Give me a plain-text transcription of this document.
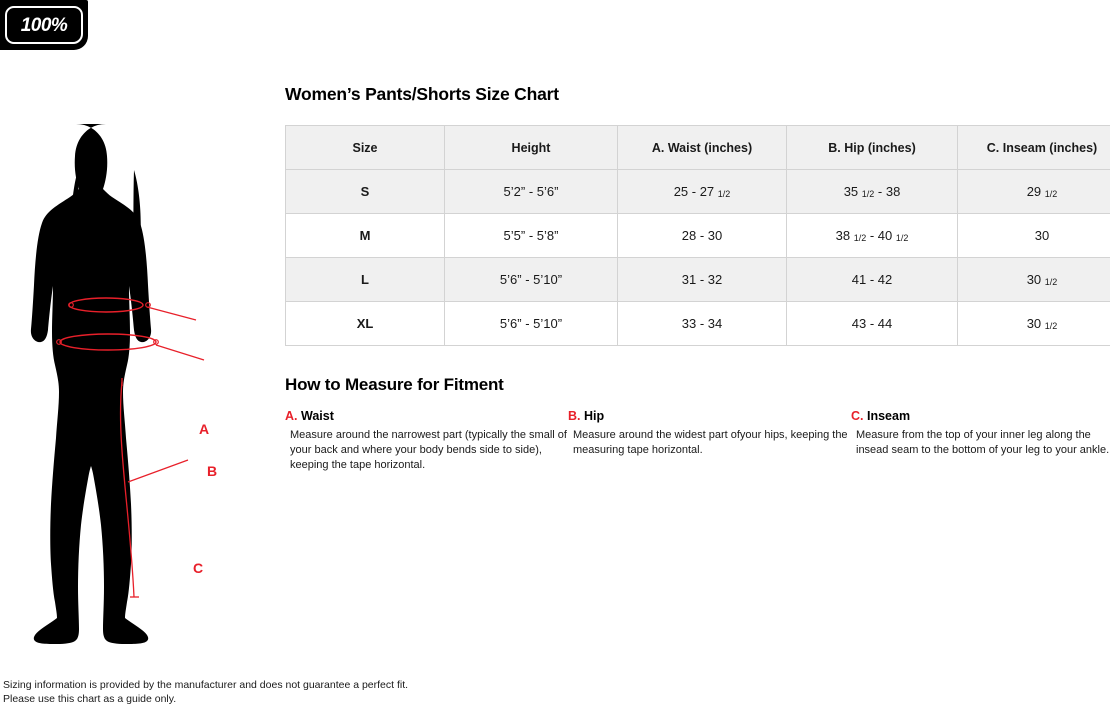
100%
A
B
C
Women’s Pants/Shorts Size Chart
Size	Height	A. Waist (inches)	B. Hip (inches)	C. Inseam (inches)
S	5’2” - 5’6”	25 - 27 1/2	35 1/2 - 38	29 1/2
M	5’5” - 5’8”	28 - 30	38 1/2 - 40 1/2	30
L	5’6” - 5’10”	31 - 32	41 - 42	30 1/2
XL	5’6” - 5’10”	33 - 34	43 - 44	30 1/2
How to Measure for Fitment
A. Waist
Measure around the narrowest part (typically the small of your back and where your body bends side to side), keeping the tape horizontal.
B. Hip
Measure around the widest part ofyour hips, keeping the measuring tape horizontal.
C. Inseam
Measure from the top of your inner leg along the insead seam to the bottom of your leg to your ankle.
Sizing information is provided by the manufacturer and does not guarantee a perfect fit.
Please use this chart as a guide only.
